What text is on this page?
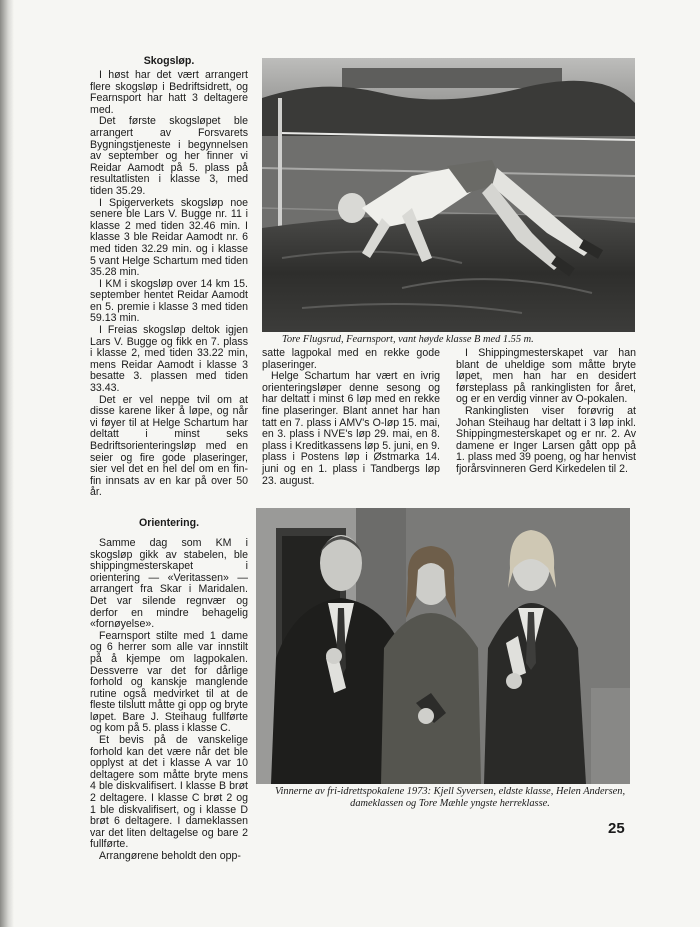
Skogsløp.

I høst har det vært arrangert flere skogsløp i Bedriftsidrett, og Fearnsport har hatt 3 deltagere med.

Det første skogsløpet ble arrangert av Forsvarets Bygningstjeneste i begynnelsen av september og her finner vi Reidar Aamodt på 5. plass på resultatlisten i klasse 3, med tiden 35.29.

I Spigerverkets skogsløp noe senere ble Lars V. Bugge nr. 11 i klasse 2 med tiden 32.46 min. I klasse 3 ble Reidar Aamodt nr. 6 med tiden 32.29 min. og i klasse 5 vant Helge Schartum med tiden 35.28 min.

I KM i skogsløp over 14 km 15. september hentet Reidar Aamodt en 5. premie i klasse 3 med tiden 59.13 min.

I Freias skogsløp deltok igjen Lars V. Bugge og fikk en 7. plass i klasse 2, med tiden 33.22 min, mens Reidar Aamodt i klasse 3 besatte 3. plassen med tiden 33.43.

Det er vel neppe tvil om at disse karene liker å løpe, og når vi føyer til at Helge Schartum har deltatt i minst seks Bedriftsorienteringsløp med en seier og fire gode plaseringer, sier vel det en hel del om en fin-fin innsats av en kar på over 50 år.

Orientering.

Samme dag som KM i skogsløp gikk av stabelen, ble shippingmesterskapet i orientering — «Veritassen» — arrangert fra Skar i Maridalen. Det var silende regnvær og derfor en mindre behagelig «fornøyelse».

Fearnsport stilte med 1 dame og 6 herrer som alle var innstilt på å kjempe om lagpokalen. Dessverre var det for dårlige forhold og kanskje manglende rutine også medvirket til at de fleste tilslutt måtte gi opp og bryte løpet. Bare J. Steihaug fullførte og kom på 5. plass i klasse C.

Et bevis på de vanskelige forhold kan det være når det ble opplyst at det i klasse A var 10 deltagere som måtte bryte mens 4 ble diskvalifisert. I klasse B brøt 2 deltagere. I klasse C brøt 2 og 1 ble diskvalifisert, og i klasse D brøt 6 deltagere. I dameklassen var det liten deltagelse og bare 2 fullførte.

Arrangørene beholdt den opp-

Tore Flugsrud, Fearnsport, vant høyde klasse B med 1.55 m.

satte lagpokal med en rekke gode plaseringer.

Helge Schartum har vært en ivrig orienteringsløper denne sesong og har deltatt i minst 6 løp med en rekke fine plaseringer. Blant annet har han tatt en 7. plass i AMV's O-løp 15. mai, en 3. plass i NVE's løp 29. mai, en 8. plass i Kreditkassens løp 5. juni, en 9. plass i Postens løp i Østmarka 14. juni og en 1. plass i Tandbergs løp 23. august.

I Shippingmesterskapet var han blant de uheldige som måtte bryte løpet, men han har en desidert førsteplass på rankinglisten for året, og er en verdig vinner av O-pokalen.

Rankinglisten viser forøvrig at Johan Steihaug har deltatt i 3 løp inkl. Shippingmesterskapet og er nr. 2. Av damene er Inger Larsen gått opp på 1. plass med 39 poeng, og har henvist fjorårsvinneren Gerd Kirkedelen til 2.

Vinnerne av fri-idrettspokalene 1973: Kjell Syversen, eldste klasse, Helen Andersen, dameklassen og Tore Mæhle yngste herreklasse.
25
